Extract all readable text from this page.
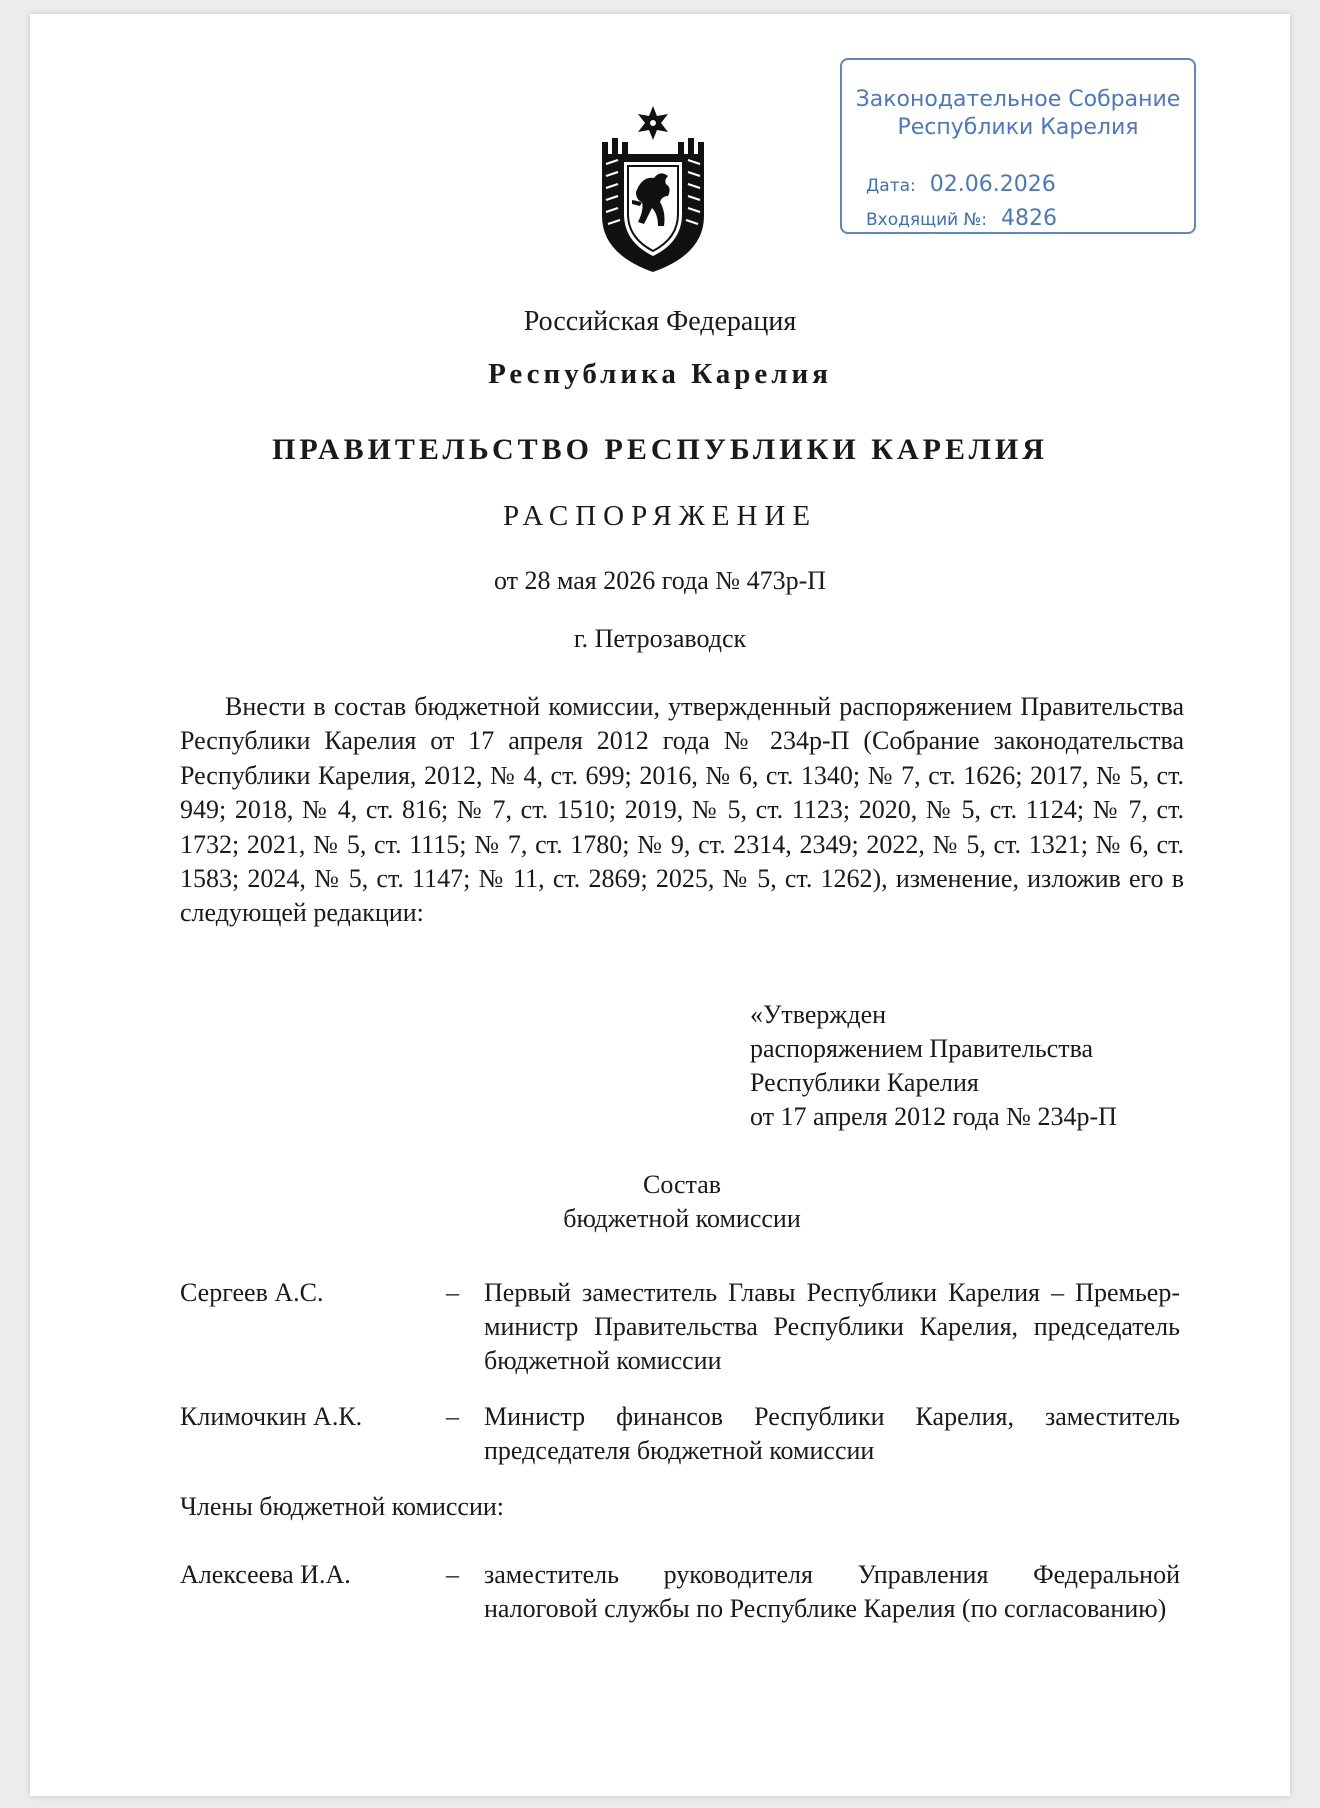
Законодательное Собрание
Республики Карелия
Дата: 02.06.2026
Входящий №: 4826
Российская Федерация
Республика Карелия
ПРАВИТЕЛЬСТВО РЕСПУБЛИКИ КАРЕЛИЯ
РАСПОРЯЖЕНИЕ
от 28 мая 2026 года № 473р-П
г. Петрозаводск

Внести в состав бюджетной комиссии, утвержденный распоряжением Правительства Республики Карелия от 17 апреля 2012 года № 234р-П (Собрание законодательства Республики Карелия, 2012, № 4, ст. 699; 2016, № 6, ст. 1340; № 7, ст. 1626; 2017, № 5, ст. 949; 2018, № 4, ст. 816; № 7, ст. 1510; 2019, № 5, ст. 1123; 2020, № 5, ст. 1124; № 7, ст. 1732; 2021, № 5, ст. 1115; № 7, ст. 1780; № 9, ст. 2314, 2349; 2022, № 5, ст. 1321; № 6, ст. 1583; 2024, № 5, ст. 1147; № 11, ст. 2869; 2025, № 5, ст. 1262), изменение, изложив его в следующей редакции:

«Утвержден
распоряжением Правительства
Республики Карелия
от 17 апреля 2012 года № 234р-П
Состав
бюджетной комиссии
Сергеев А.С.	– Первый заместитель Главы Республики Карелия – Премьер-министр Правительства Республики Карелия, председатель бюджетной комиссии
Климочкин А.К.	– Министр финансов Республики Карелия, заместитель председателя бюджетной комиссии
Члены бюджетной комиссии:
Алексеева И.А.	– заместитель руководителя Управления Федеральной налоговой службы по Республике Карелия (по согласованию)
